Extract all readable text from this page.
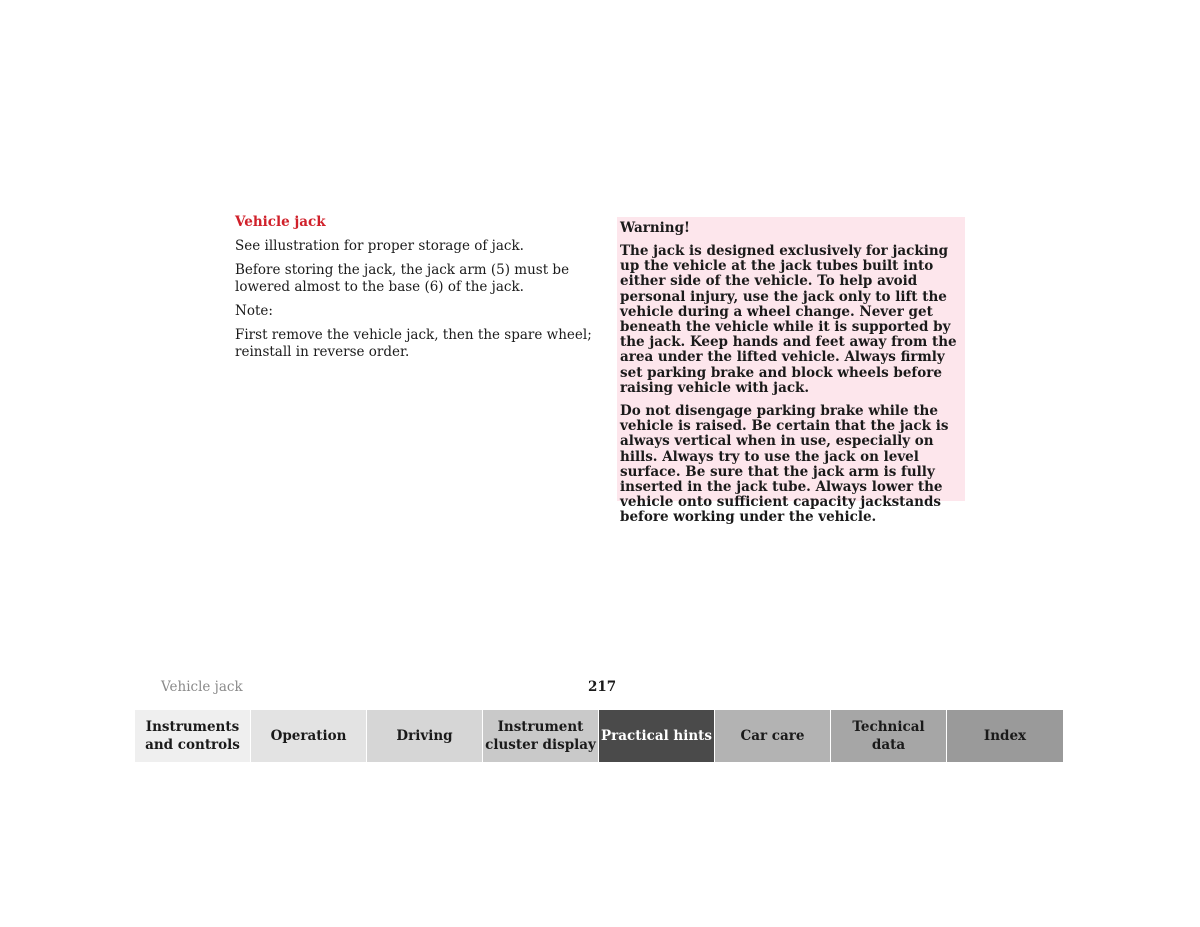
Vehicle jack

See illustration for proper storage of jack.

Before storing the jack, the jack arm (5) must be lowered almost to the base (6) of the jack.

Note:

First remove the vehicle jack, then the spare wheel; reinstall in reverse order.

Warning!

The jack is designed exclusively for jacking up the vehicle at the jack tubes built into either side of the vehicle. To help avoid personal injury, use the jack only to lift the vehicle during a wheel change. Never get beneath the vehicle while it is supported by the jack. Keep hands and feet away from the area under the lifted vehicle. Always firmly set parking brake and block wheels before raising vehicle with jack.

Do not disengage parking brake while the vehicle is raised. Be certain that the jack is always vertical when in use, especially on hills. Always try to use the jack on level surface. Be sure that the jack arm is fully inserted in the jack tube. Always lower the vehicle onto sufficient capacity jackstands before working under the vehicle.

Vehicle jack	217
Instruments
and controls
Operation	Driving
Instrument
cluster display
Practical hints Car care
Technical
data
Index
